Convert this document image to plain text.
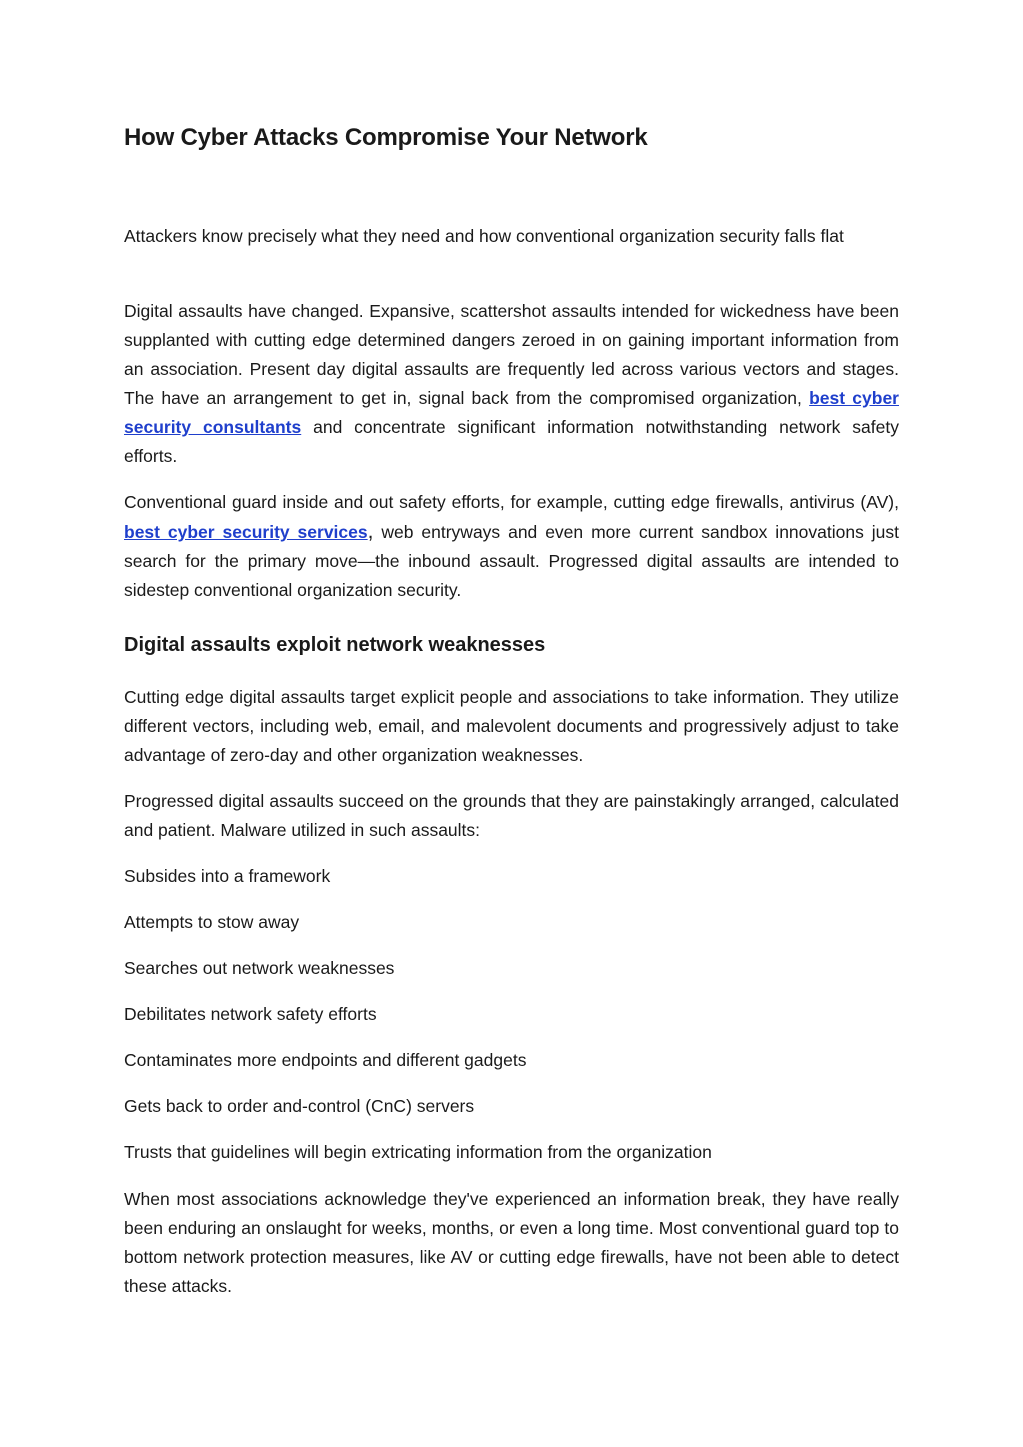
How Cyber Attacks Compromise Your Network

Attackers know precisely what they need and how conventional organization security falls flat

Digital assaults have changed. Expansive, scattershot assaults intended for wickedness have been supplanted with cutting edge determined dangers zeroed in on gaining important information from an association. Present day digital assaults are frequently led across various vectors and stages. The have an arrangement to get in, signal back from the compromised organization, best cyber security consultants and concentrate significant information notwithstanding network safety efforts.

Conventional guard inside and out safety efforts, for example, cutting edge firewalls, antivirus (AV), best cyber security services, web entryways and even more current sandbox innovations just search for the primary move—the inbound assault. Progressed digital assaults are intended to sidestep conventional organization security.

Digital assaults exploit network weaknesses

Cutting edge digital assaults target explicit people and associations to take information. They utilize different vectors, including web, email, and malevolent documents and progressively adjust to take advantage of zero-day and other organization weaknesses.

Progressed digital assaults succeed on the grounds that they are painstakingly arranged, calculated and patient. Malware utilized in such assaults:

Subsides into a framework

Attempts to stow away

Searches out network weaknesses

Debilitates network safety efforts

Contaminates more endpoints and different gadgets

Gets back to order and-control (CnC) servers

Trusts that guidelines will begin extricating information from the organization

When most associations acknowledge they've experienced an information break, they have really been enduring an onslaught for weeks, months, or even a long time. Most conventional guard top to bottom network protection measures, like AV or cutting edge firewalls, have not been able to detect these attacks.
